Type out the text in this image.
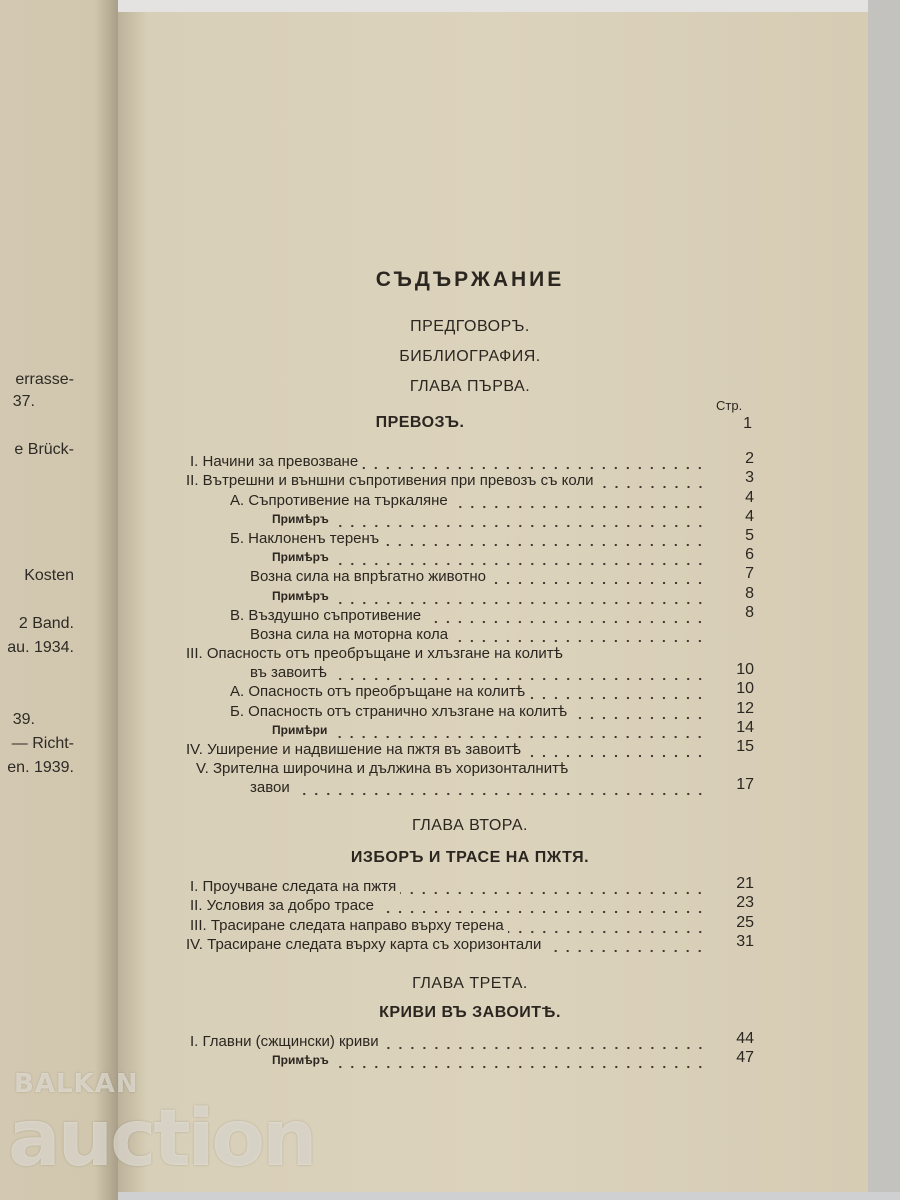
errasse-
37.
e Brück-
Kosten
2 Band.
au. 1934.
39.
— Richt-
en. 1939.
СЪДЪРЖАНИЕ
ПРЕДГОВОРЪ.
БИБЛИОГРАФИЯ.
ГЛАВА ПЪРВА.
ПРЕВОЗЪ.
Стр.
1
I. Начини за превозване	2
II. Вътрешни и външни съпротивения при превозъ съ коли	3
А. Съпротивение на търкаляне	4
Примѣръ	4
Б. Наклоненъ теренъ	5
Примѣръ	6
Возна сила на впрѣгатно животно	7
Примѣръ	8
В. Въздушно съпротивение	8
Возна сила на моторна кола
III. Опасность отъ преобръщане и хлъзгане на колитѣ
въ завоитѣ	10
А. Опасность отъ преобръщане на колитѣ	10
Б. Опасность отъ странично хлъзгане на колитѣ	12
Примѣри	14
IV. Уширение и надвишение на пжтя въ завоитѣ	15
V. Зрителна широчина и дължина въ хоризонталнитѣ
завои	17
ГЛАВА ВТОРА.
ИЗБОРЪ И ТРАСЕ НА ПЖТЯ.
I. Проучване следата на пжтя	21
II. Условия за добро трасе	23
III. Трасиране следата направо върху терена	25
IV. Трасиране следата върху карта съ хоризонтали	31
ГЛАВА ТРЕТА.
КРИВИ ВЪ ЗАВОИТѢ.
I. Главни (сжщински) криви	44
Примѣръ	47
BALKAN
auction
